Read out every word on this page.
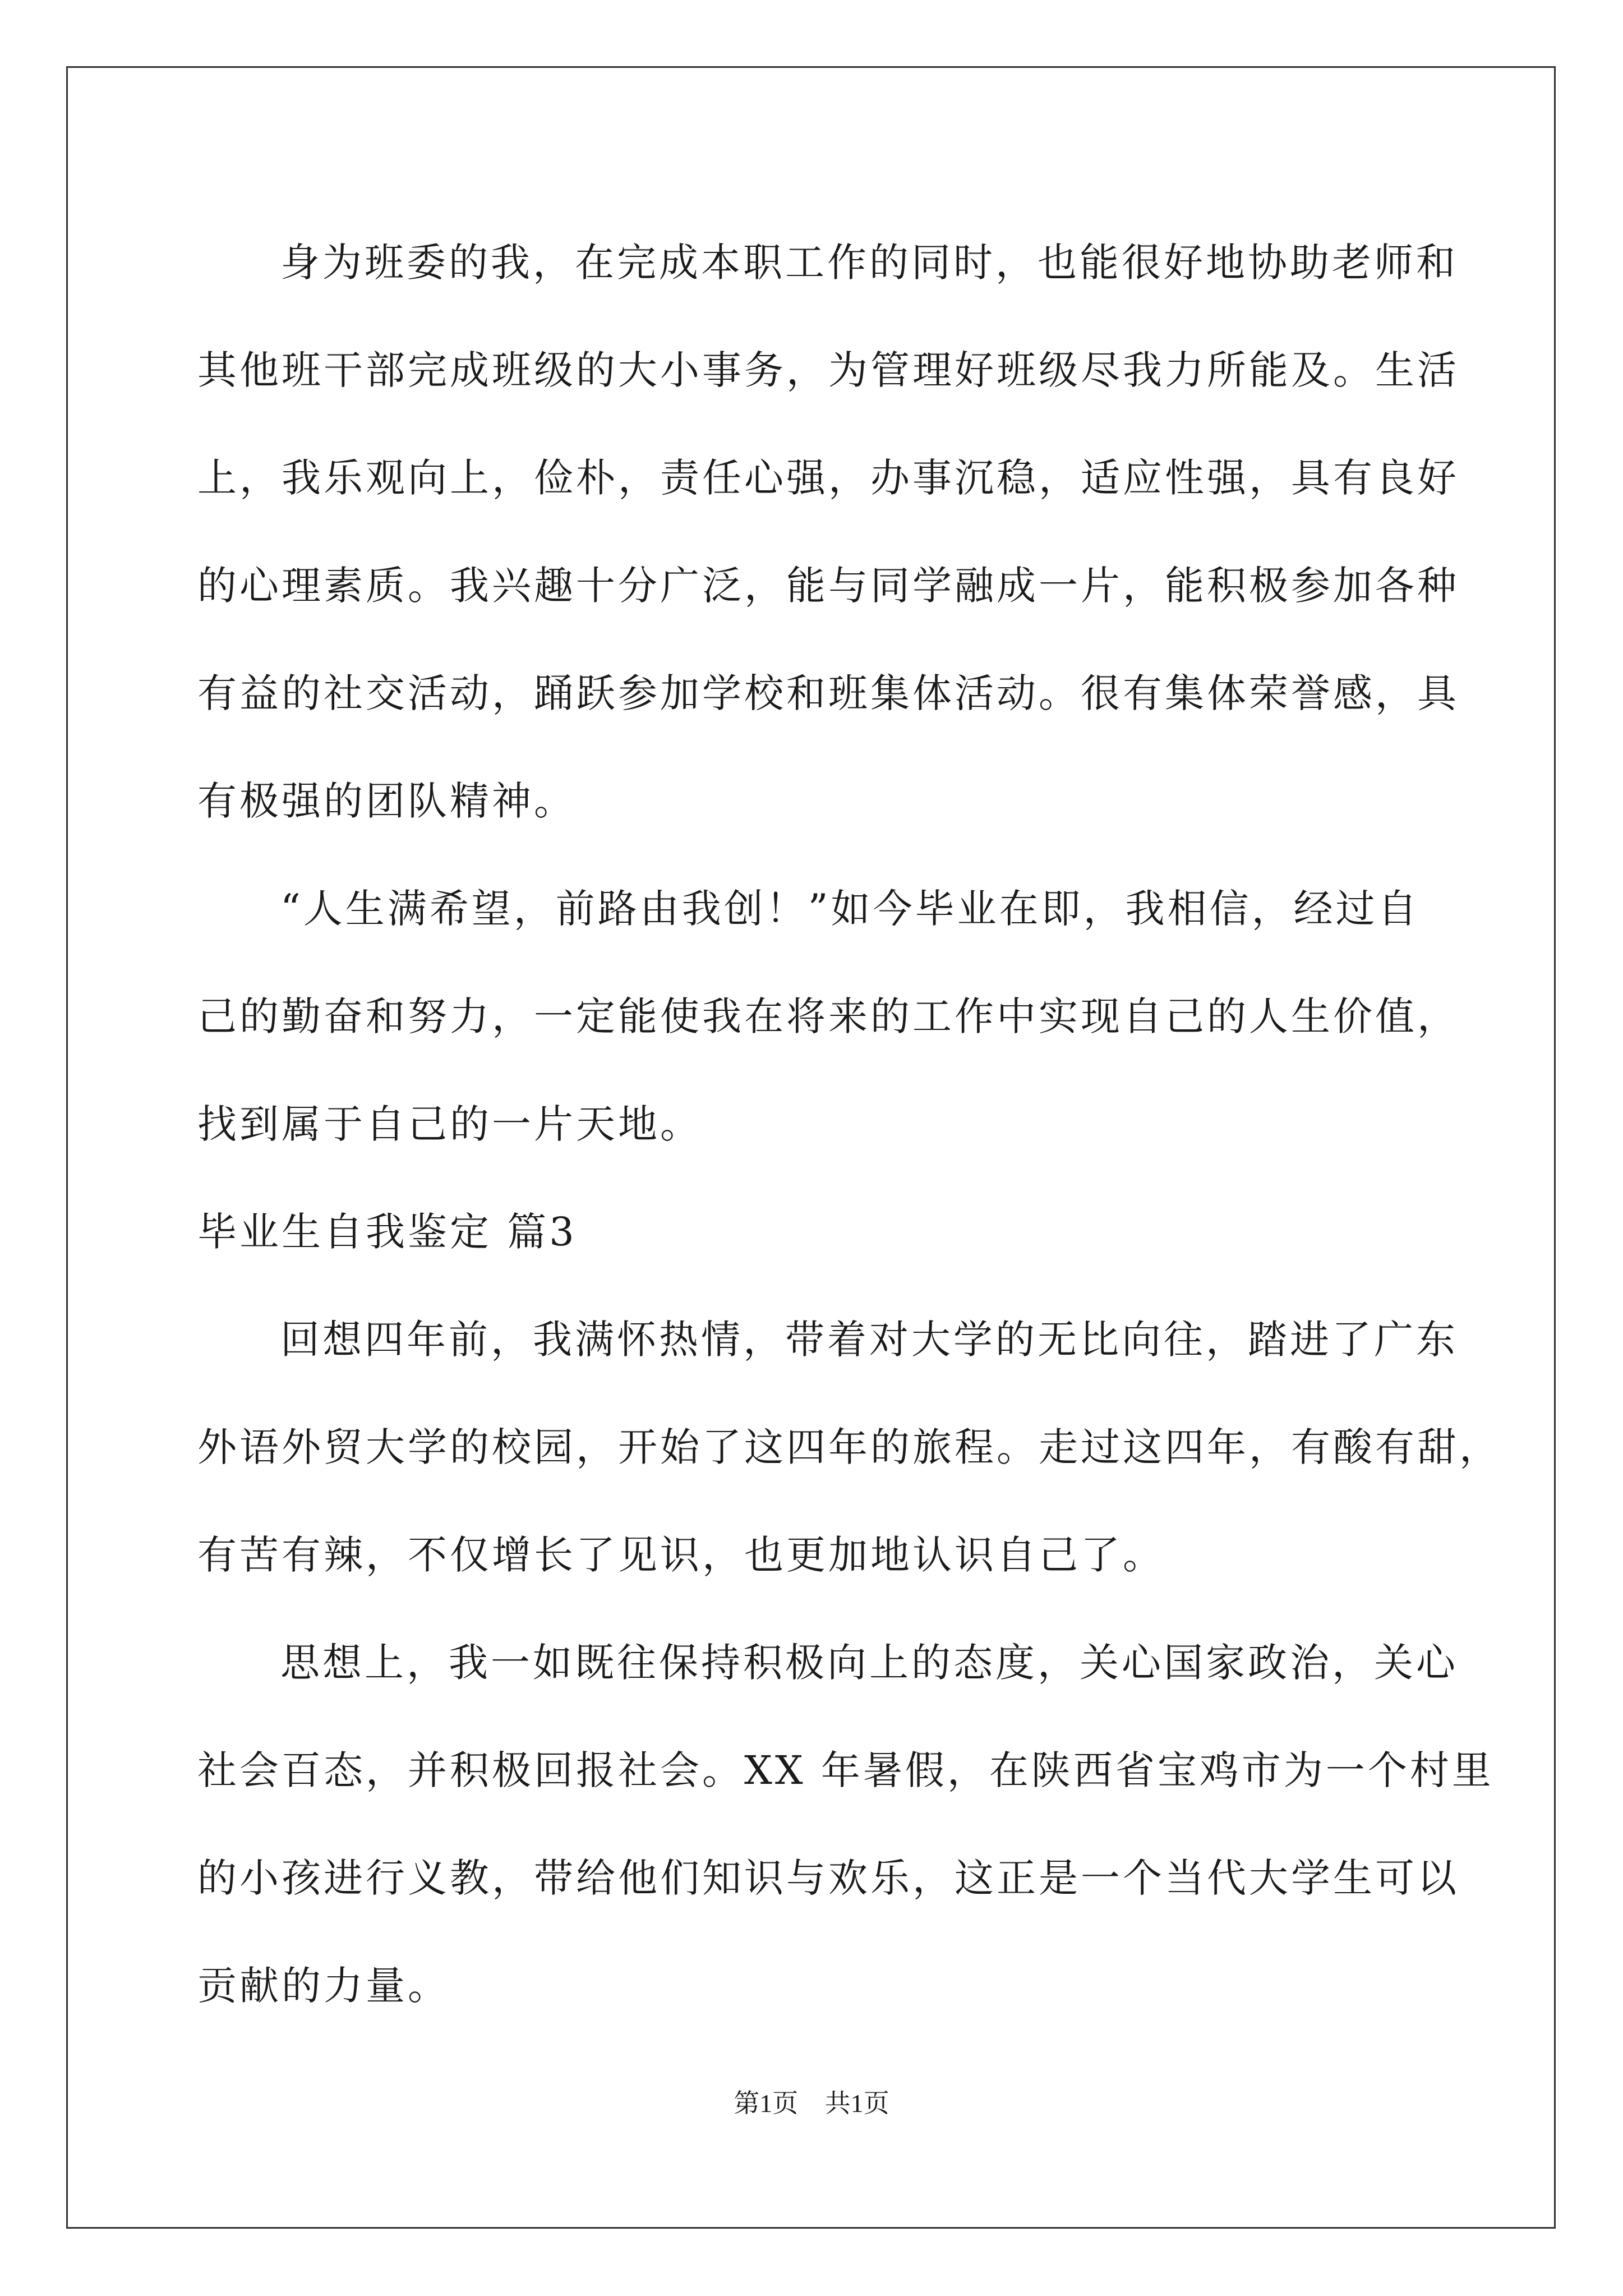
身为班委的我，在完成本职工作的同时，也能很好地协助老师和
其他班干部完成班级的大小事务，为管理好班级尽我力所能及。生活
上，我乐观向上，俭朴，责任心强，办事沉稳，适应性强，具有良好
的心理素质。我兴趣十分广泛，能与同学融成一片，能积极参加各种
有益的社交活动，踊跃参加学校和班集体活动。很有集体荣誉感，具
有极强的团队精神。
“人生满希望，前路由我创！”如今毕业在即，我相信，经过自
己的勤奋和努力，一定能使我在将来的工作中实现自己的人生价值，
找到属于自己的一片天地。
毕业生自我鉴定 篇3
回想四年前，我满怀热情，带着对大学的无比向往，踏进了广东
外语外贸大学的校园，开始了这四年的旅程。走过这四年，有酸有甜，
有苦有辣，不仅增长了见识，也更加地认识自己了。
思想上，我一如既往保持积极向上的态度，关心国家政治，关心
社会百态，并积极回报社会。XX 年暑假，在陕西省宝鸡市为一个村里
的小孩进行义教，带给他们知识与欢乐，这正是一个当代大学生可以
贡献的力量。
第1页 共1页
